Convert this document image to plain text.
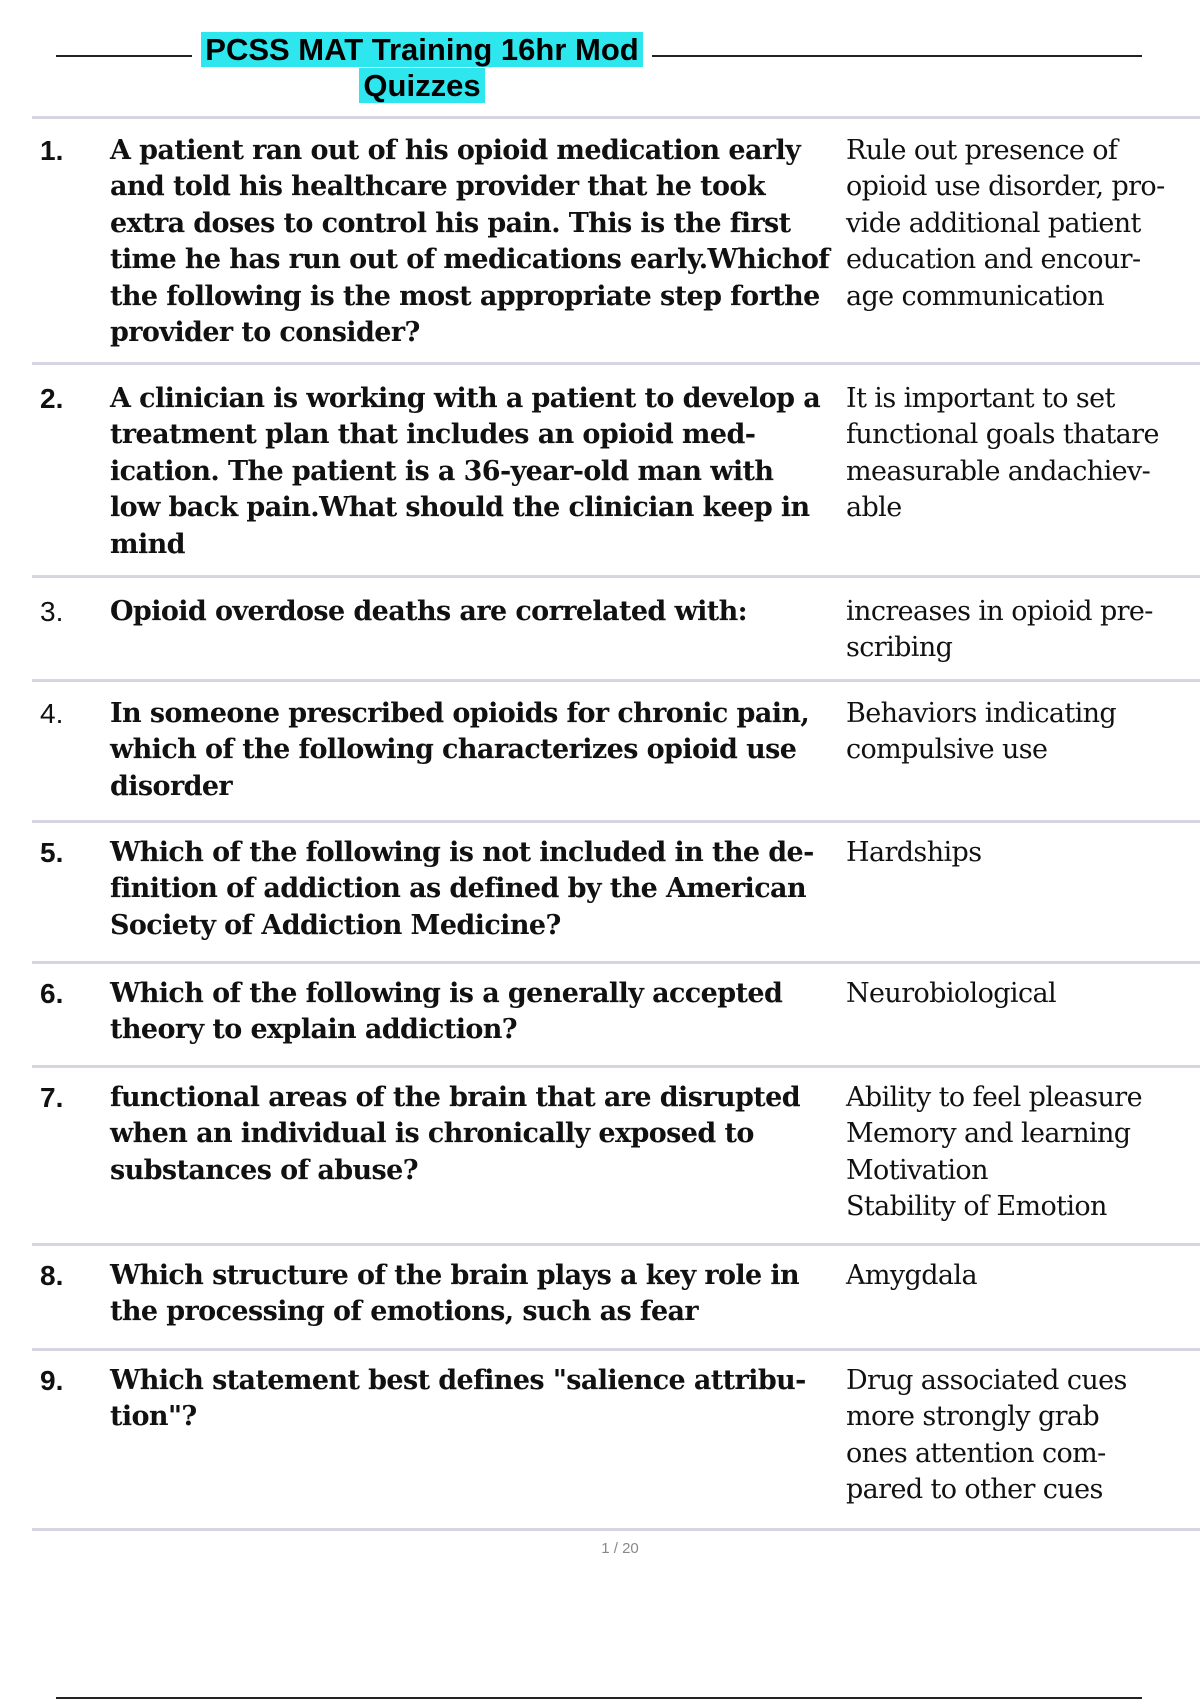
PCSS MAT Training 16hr Mod
Quizzes
1. A patient ran out of his opioid medication early
and told his healthcare provider that he took
extra doses to control his pain. This is the first
time he has run out of medications early.Whichof
the following is the most appropriate step forthe
provider to consider?
Rule out presence of
opioid use disorder, pro-
vide additional patient
education and encour-
age communication
2. A clinician is working with a patient to develop a
treatment plan that includes an opioid med-
ication. The patient is a 36-year-old man with
low back pain.What should the clinician keep in
mind
It is important to set
functional goals thatare
measurable andachiev-
able
3. Opioid overdose deaths are correlated with:	increases in opioid pre-
scribing
4. In someone prescribed opioids for chronic pain,
which of the following characterizes opioid use
disorder
Behaviors indicating
compulsive use
5. Which of the following is not included in the de-
finition of addiction as defined by the American
Society of Addiction Medicine?
Hardships
6. Which of the following is a generally accepted
theory to explain addiction?
Neurobiological
7. functional areas of the brain that are disrupted
when an individual is chronically exposed to
substances of abuse?
Ability to feel pleasure
Memory and learning
Motivation
Stability of Emotion
8. Which structure of the brain plays a key role in
the processing of emotions, such as fear
Amygdala
9. Which statement best defines "salience attribu-
tion"?
Drug associated cues
more strongly grab
ones attention com-
pared to other cues
1 / 20
